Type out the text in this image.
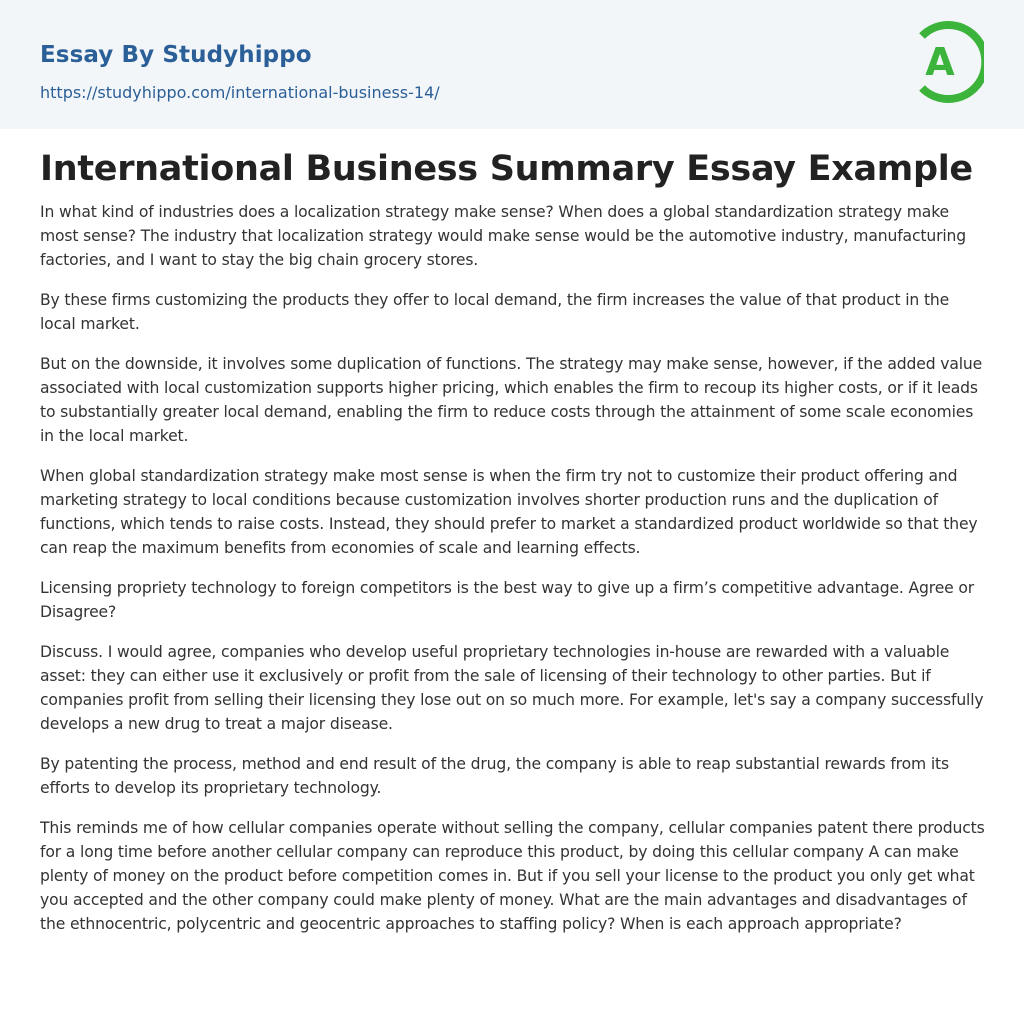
Essay By Studyhippo
https://studyhippo.com/international-business-14/
A
International Business Summary Essay Example

In what kind of industries does a localization strategy make sense? When does a global standardization strategy make most sense? The industry that localization strategy would make sense would be the automotive industry, manufacturing factories, and I want to stay the big chain grocery stores.

By these firms customizing the products they offer to local demand, the firm increases the value of that product in the local market.

But on the downside, it involves some duplication of functions. The strategy may make sense, however, if the added value associated with local customization supports higher pricing, which enables the firm to recoup its higher costs, or if it leads to substantially greater local demand, enabling the firm to reduce costs through the attainment of some scale economies in the local market.

When global standardization strategy make most sense is when the firm try not to customize their product offering and marketing strategy to local conditions because customization involves shorter production runs and the duplication of functions, which tends to raise costs. Instead, they should prefer to market a standardized product worldwide so that they can reap the maximum benefits from economies of scale and learning effects.

Licensing propriety technology to foreign competitors is the best way to give up a firm’s competitive advantage. Agree or Disagree?

Discuss. I would agree, companies who develop useful proprietary technologies in-house are rewarded with a valuable asset: they can either use it exclusively or profit from the sale of licensing of their technology to other parties. But if companies profit from selling their licensing they lose out on so much more. For example, let's say a company successfully develops a new drug to treat a major disease.

By patenting the process, method and end result of the drug, the company is able to reap substantial rewards from its efforts to develop its proprietary technology.

This reminds me of how cellular companies operate without selling the company, cellular companies patent there products for a long time before another cellular company can reproduce this product, by doing this cellular company A can make plenty of money on the product before competition comes in. But if you sell your license to the product you only get what you accepted and the other company could make plenty of money. What are the main advantages and disadvantages of the ethnocentric, polycentric and geocentric approaches to staffing policy? When is each approach appropriate?
